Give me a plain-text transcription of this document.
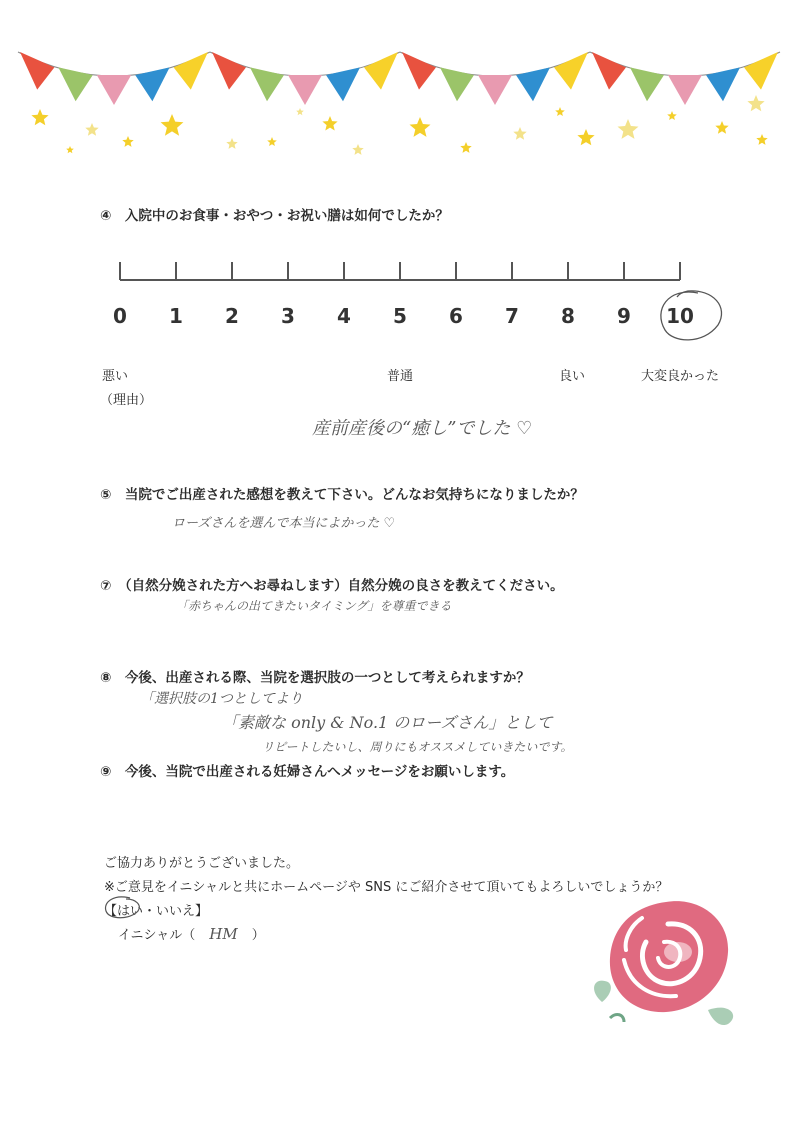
④　入院中のお食事・おやつ・お祝い膳は如何でしたか？
0	1	2	3	4	5	6	7	8	9	10
悪い	普通	良い	大変良かった
（理由）
産前産後の“癒し”でした ♡
⑤　当院でご出産された感想を教えて下さい。どんなお気持ちになりましたか？
ローズさんを選んで本当によかった ♡
⑦　（自然分娩された方へお尋ねします）自然分娩の良さを教えてください。
「赤ちゃんの出てきたいタイミング」を尊重できる
⑧　今後、出産される際、当院を選択肢の一つとして考えられますか？
「選択肢の1つとしてより
「素敵な only & No.1 のローズさん」として
リピートしたいし、周りにもオススメしていきたいです。
⑨　今後、当院で出産される妊婦さんへメッセージをお願いします。
ご協力ありがとうございました。
※ご意見をイニシャルと共にホームページや SNS にご紹介させて頂いてもよろしいでしょうか？
【はい・いいえ】
イニシャル（ HM ）
